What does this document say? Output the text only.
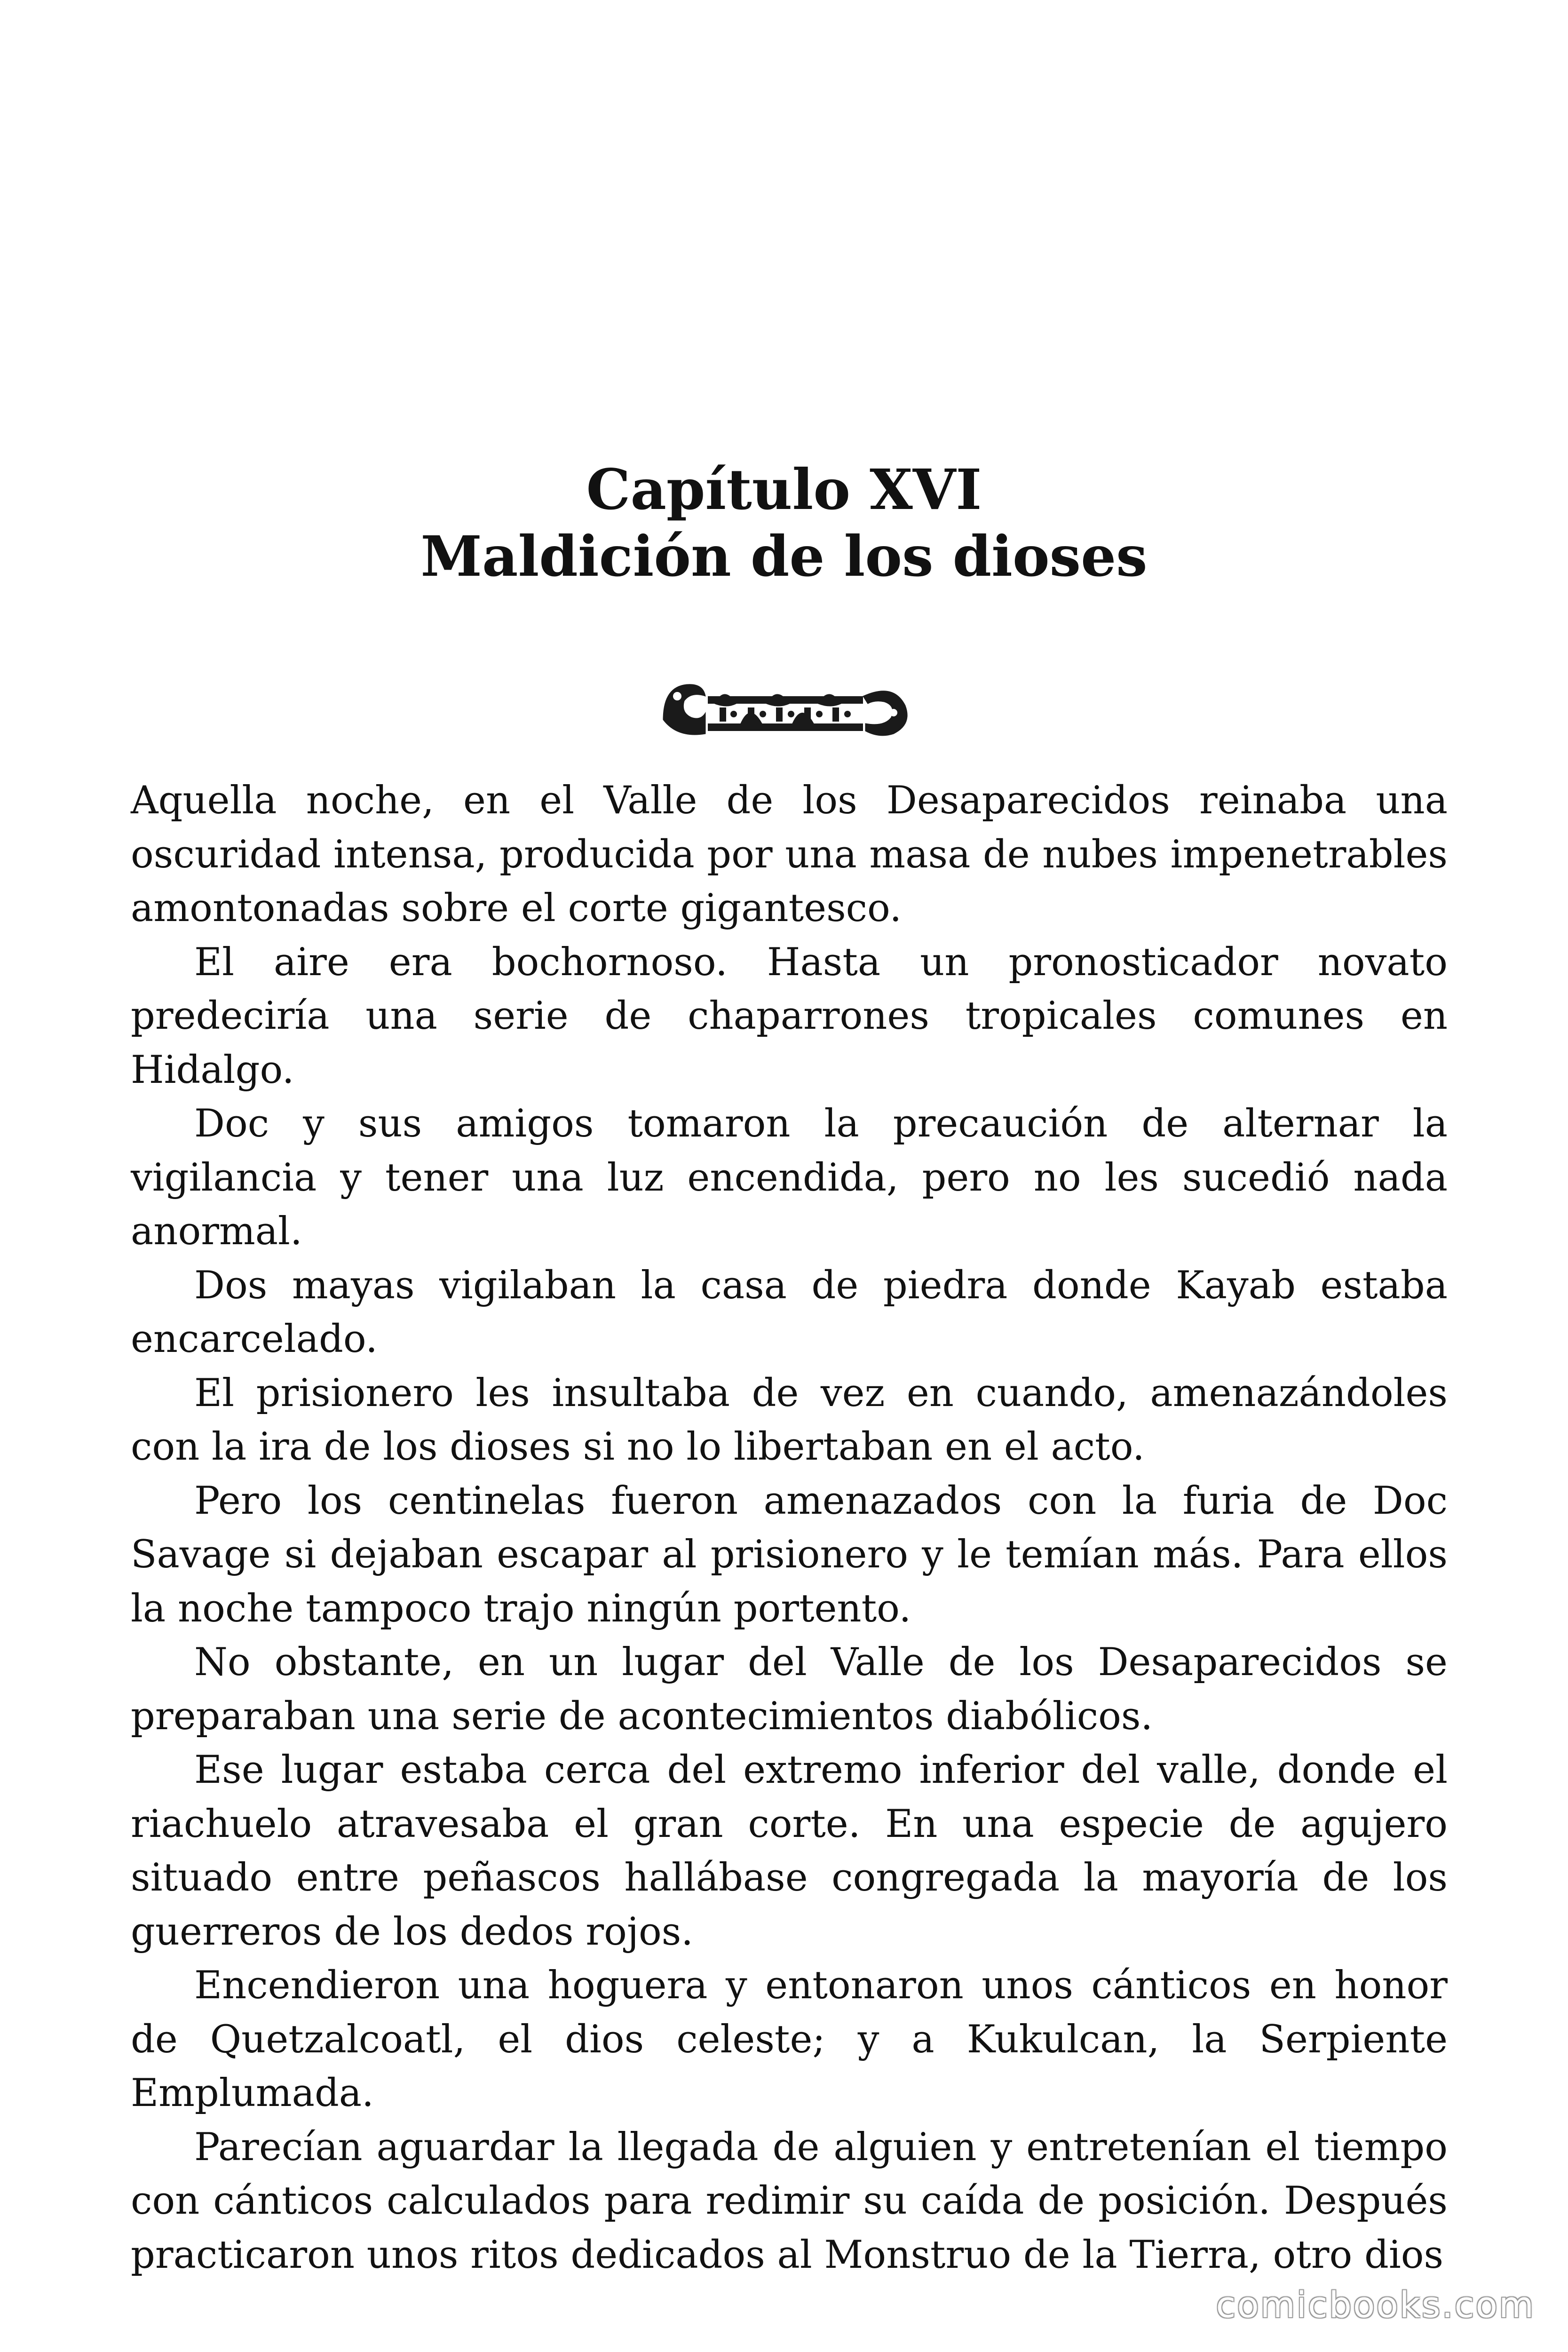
Capítulo XVI
Maldición de los dioses

Aquella noche, en el Valle de los Desaparecidos reinaba una oscuridad intensa, producida por una masa de nubes impenetrables amontonadas sobre el corte gigantesco.

El aire era bochornoso. Hasta un pronosticador novato predeciría una serie de chaparrones tropicales comunes en Hidalgo.

Doc y sus amigos tomaron la precaución de alternar la vigilancia y tener una luz encendida, pero no les sucedió nada anormal.

Dos mayas vigilaban la casa de piedra donde Kayab estaba encarcelado.

El prisionero les insultaba de vez en cuando, amenazándoles con la ira de los dioses si no lo libertaban en el acto.

Pero los centinelas fueron amenazados con la furia de Doc Savage si dejaban escapar al prisionero y le temían más. Para ellos la noche tampoco trajo ningún portento.

No obstante, en un lugar del Valle de los Desaparecidos se preparaban una serie de acontecimientos diabólicos.

Ese lugar estaba cerca del extremo inferior del valle, donde el riachuelo atravesaba el gran corte. En una especie de agujero situado entre peñascos hallábase congregada la mayoría de los guerreros de los dedos rojos.

Encendieron una hoguera y entonaron unos cánticos en honor de Quetzalcoatl, el dios celeste; y a Kukulcan, la Serpiente Emplumada.

Parecían aguardar la llegada de alguien y entretenían el tiempo con cánticos calculados para redimir su caída de posición. Después practicaron unos ritos dedicados al Monstruo de la Tierra, otro dios

comicbooks.com
